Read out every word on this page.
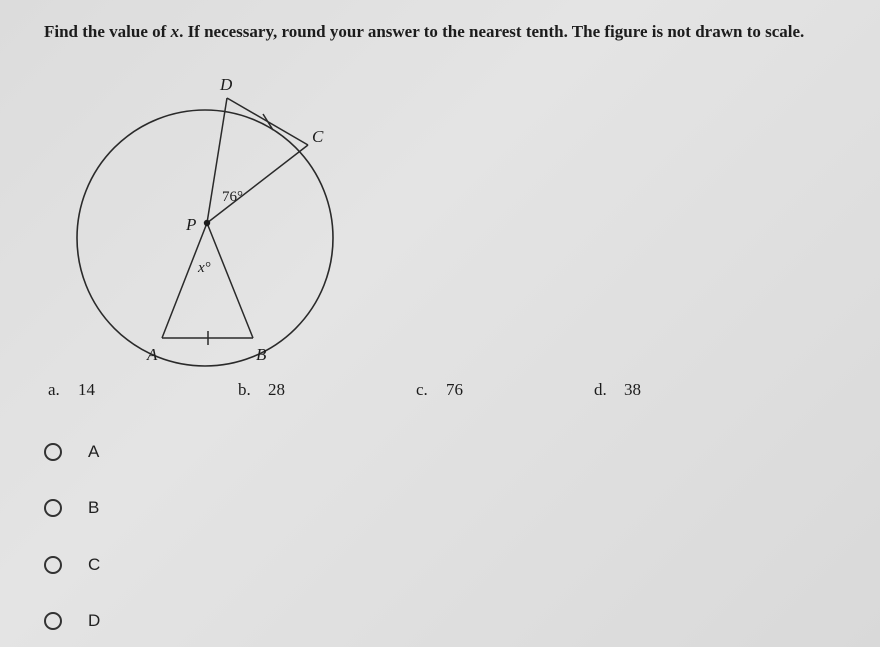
Find the value of x. If necessary, round your answer to the nearest tenth. The figure is not drawn to scale.
D
C
P
A	B
76°
x°
a. 14	b. 28	c. 76	d. 38
A
B
C
D
